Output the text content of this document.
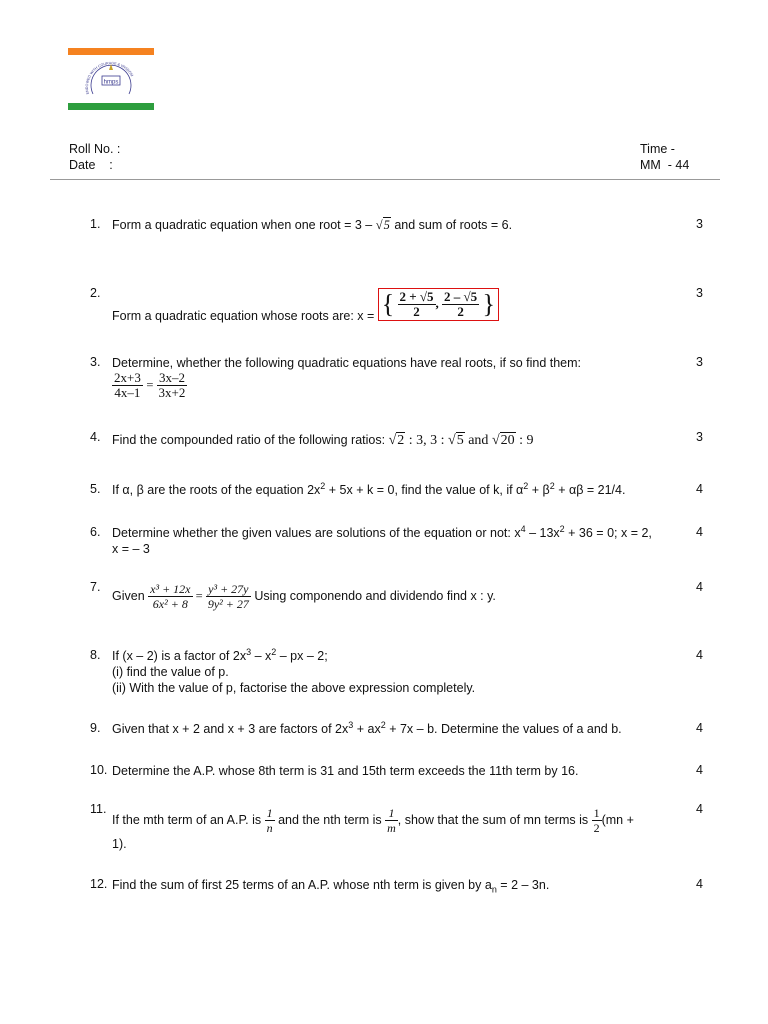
hmps
ENDOWED WITH COURAGE & WISDOM
Roll No. :
Date    :
Time -
MM  - 44
1. Form a quadratic equation when one root = 3 – √5 and sum of roots = 6.	3
2.
Form a quadratic equation whose roots are: x = { $\frac{2 + √5}{2}$ , $\frac{2 - √5}{2}$ }	3
3. Determine, whether the following quadratic equations have real roots, if so find them:

$\frac{2x+3}{4x-1} = \frac{3x-2}{3x+2}$
3
4. Find the compounded ratio of the following ratios: √2 : 3, 3 : √5 and √20 : 9	3
5. If α, β are the roots of the equation $2x^2 + 5x + k = 0$, find the value of k, if $\alpha^2 + \beta^2 + \alpha\beta = 21/4$.	4
6. Determine whether the given values are solutions of the equation or not: $x^4 - 13x^2 + 36 = 0$; x = 2,
x = – 3
4
7.
Given $\frac{\text{x³ + 12x}}{\text{6x² + 8}} = \frac{\text{y³ + 27y}}{\text{9y² + 27}}$ Using componendo and dividendo find x : y.
4
8. If (x – 2) is a factor of $2x^3 - x^2$ – px – 2;
(i) find the value of p.
(ii) With the value of p, factorise the above expression completely.
4
9. Given that x + 2 and x + 3 are factors of $2x^3 + ax^2 + 7x - b$. Determine the values of a and b.	4
10. Determine the A.P. whose 8th term is 31 and 15th term exceeds the 11th term by 16.	4
11.
If the mth term of an A.P. is $\frac{1}{n}$ and the nth term is $\frac{1}{m}$ , show that the sum of mn terms is $\frac{1}{2} (mn$ +
1).
4
12. Find the sum of first 25 terms of an A.P. whose nth term is given by $a_n = 2 - 3n$.	4
